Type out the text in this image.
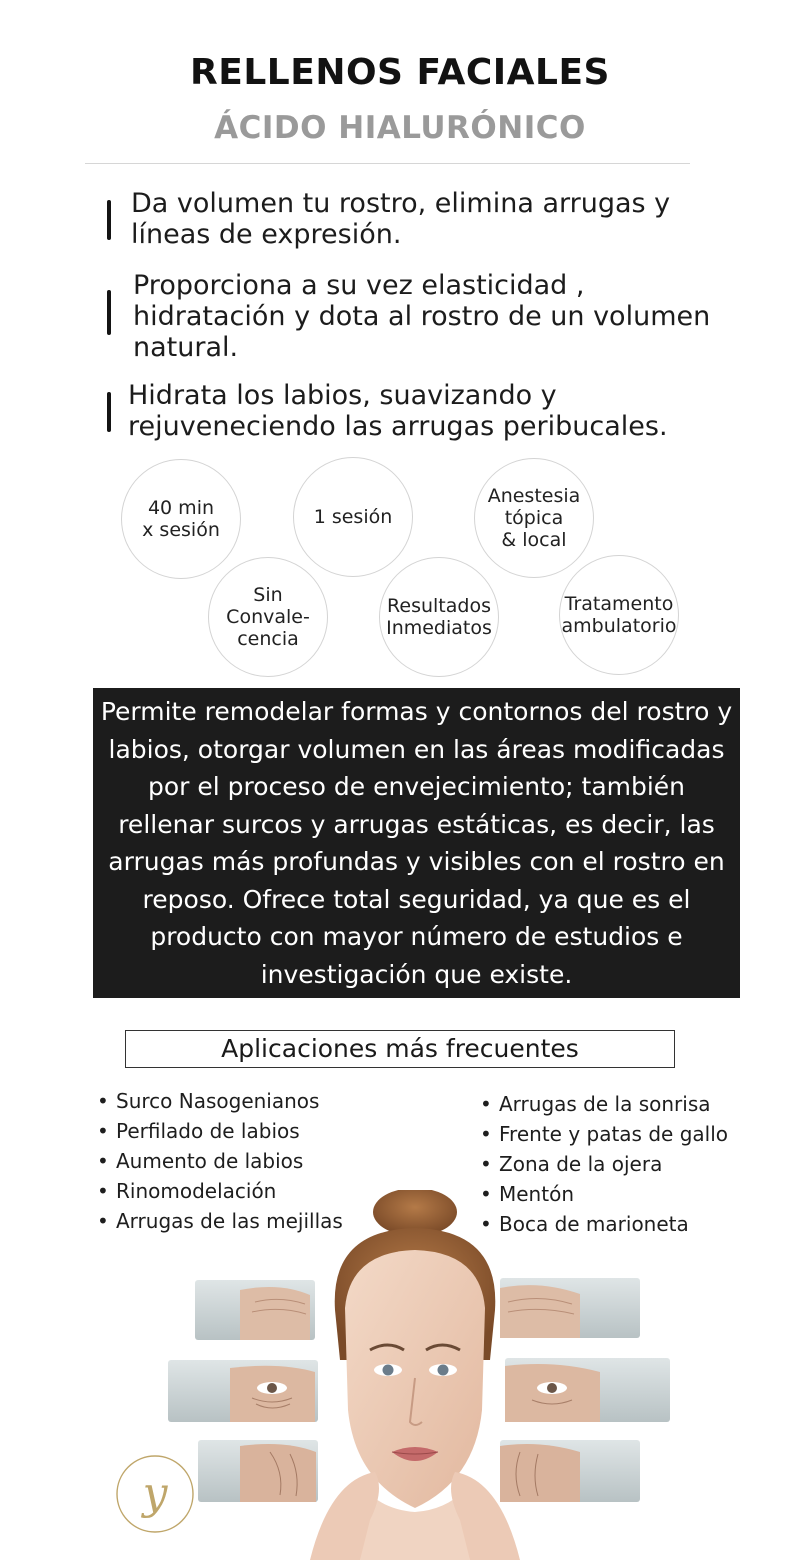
RELLENOS FACIALES
ÁCIDO HIALURÓNICO
Da volumen tu rostro, elimina arrugas y
líneas de expresión.
Proporciona a su vez elasticidad ,
hidratación y dota al rostro de un volumen
natural.
Hidrata los labios, suavizando y
rejuveneciendo las arrugas peribucales.
40 min
x sesión
1 sesión
Anestesia
tópica
& local
Sin
Convale-
cencia
Resultados
Inmediatos
Tratamento
ambulatorio

Permite remodelar formas y contornos del rostro y labios, otorgar volumen en las áreas modificadas por el proceso de envejecimiento; también rellenar surcos y arrugas estáticas, es decir, las arrugas más profundas y visibles con el rostro en reposo. Ofrece total seguridad, ya que es el producto con mayor número de estudios e investigación que existe.

Aplicaciones más frecuentes
• Surco Nasogenianos
• Perfilado de labios
• Aumento de labios
• Rinomodelación
• Arrugas de las mejillas
• Arrugas de la sonrisa
• Frente y patas de gallo
• Zona de la ojera
• Mentón
• Boca de marioneta
y
